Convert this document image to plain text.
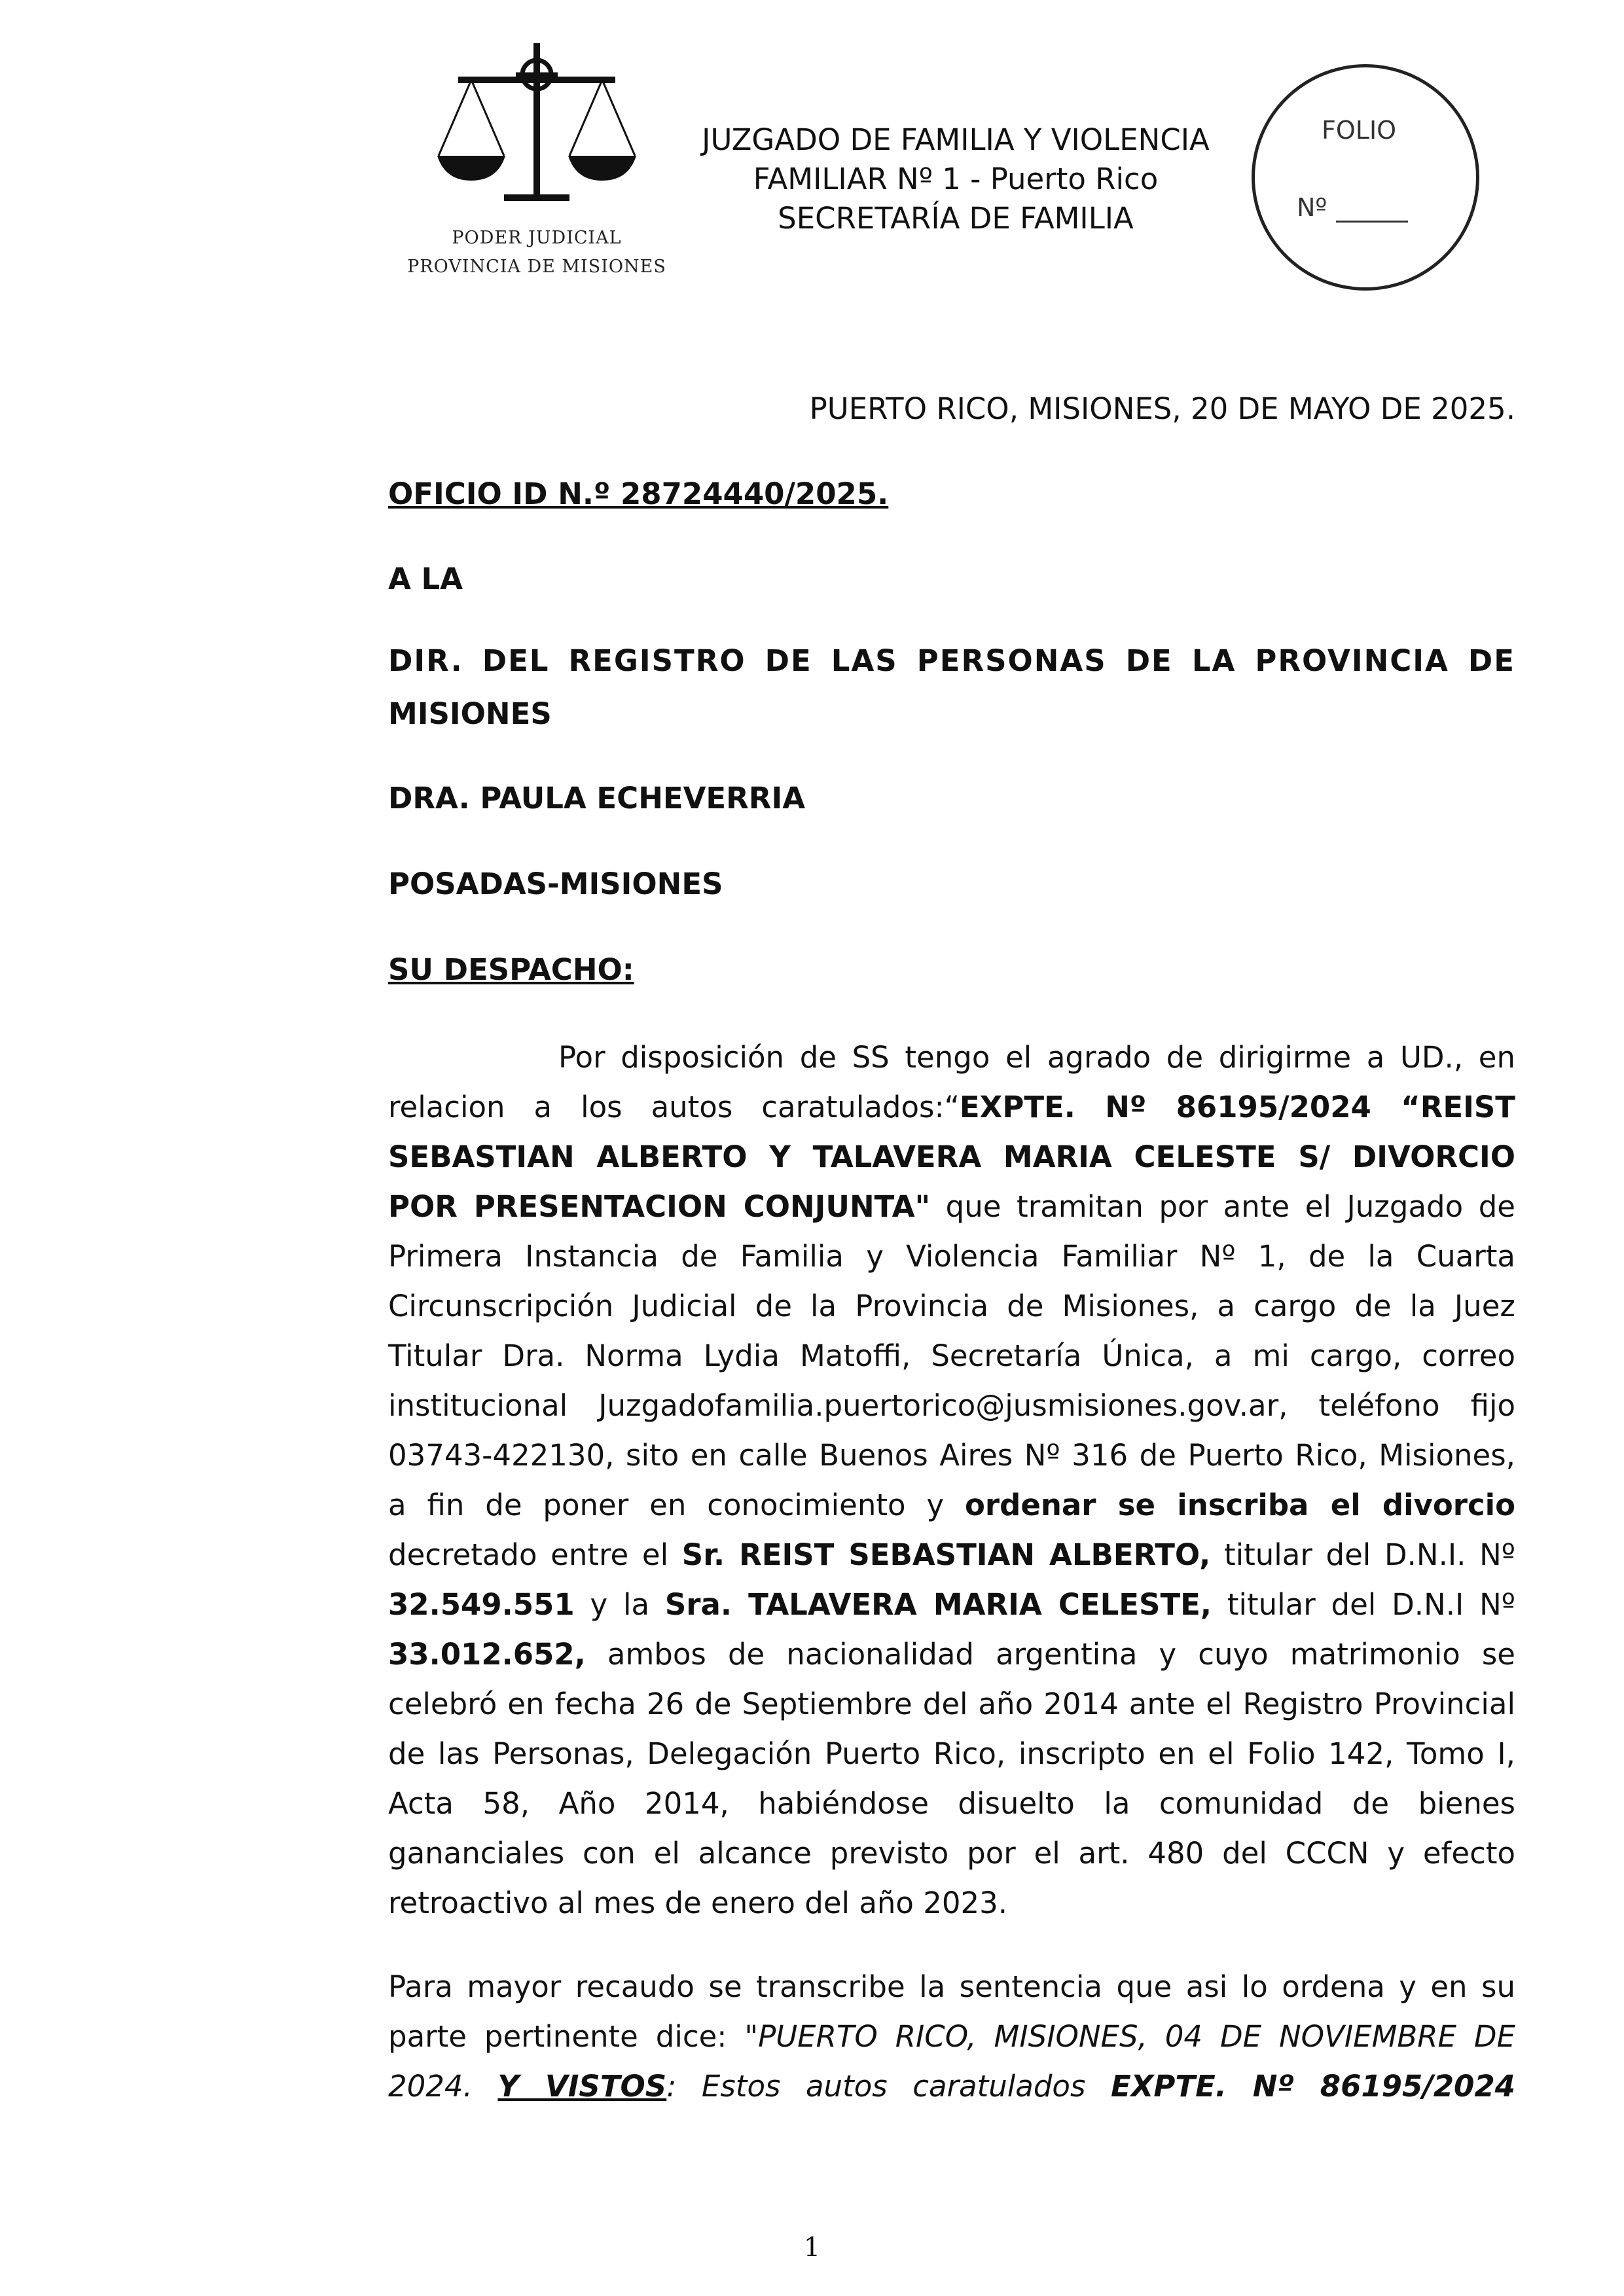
PODER JUDICIAL
PROVINCIA DE MISIONES
JUZGADO DE FAMILIA Y VIOLENCIA
FAMILIAR Nº 1 - Puerto Rico
SECRETARÍA DE FAMILIA
FOLIO
Nº
PUERTO RICO, MISIONES, 20 DE MAYO DE 2025.
OFICIO ID N.º 28724440/2025.
A LA
DIR. DEL REGISTRO DE LAS PERSONAS DE LA PROVINCIA DE
MISIONES
DRA. PAULA ECHEVERRIA
POSADAS-MISIONES
SU DESPACHO:
Por disposición de SS tengo el agrado de dirigirme a UD., en
relacion a los autos caratulados:“EXPTE. Nº 86195/2024 “REIST
SEBASTIAN ALBERTO Y TALAVERA MARIA CELESTE S/ DIVORCIO
POR PRESENTACION CONJUNTA" que tramitan por ante el Juzgado de
Primera Instancia de Familia y Violencia Familiar Nº 1, de la Cuarta
Circunscripción Judicial de la Provincia de Misiones, a cargo de la Juez
Titular Dra. Norma Lydia Matoffi, Secretaría Única, a mi cargo, correo
institucional Juzgadofamilia.puertorico@jusmisiones.gov.ar, teléfono fijo
03743-422130, sito en calle Buenos Aires Nº 316 de Puerto Rico, Misiones,
a fin de poner en conocimiento y ordenar se inscriba el divorcio
decretado entre el Sr. REIST SEBASTIAN ALBERTO, titular del D.N.I. Nº
32.549.551 y la Sra. TALAVERA MARIA CELESTE, titular del D.N.I Nº
33.012.652, ambos de nacionalidad argentina y cuyo matrimonio se
celebró en fecha 26 de Septiembre del año 2014 ante el Registro Provincial
de las Personas, Delegación Puerto Rico, inscripto en el Folio 142, Tomo I,
Acta 58, Año 2014, habiéndose disuelto la comunidad de bienes
gananciales con el alcance previsto por el art. 480 del CCCN y efecto
retroactivo al mes de enero del año 2023.
Para mayor recaudo se transcribe la sentencia que asi lo ordena y en su
parte pertinente dice: "PUERTO RICO, MISIONES, 04 DE NOVIEMBRE DE
2024. Y VISTOS: Estos autos caratulados EXPTE. Nº 86195/2024
1
